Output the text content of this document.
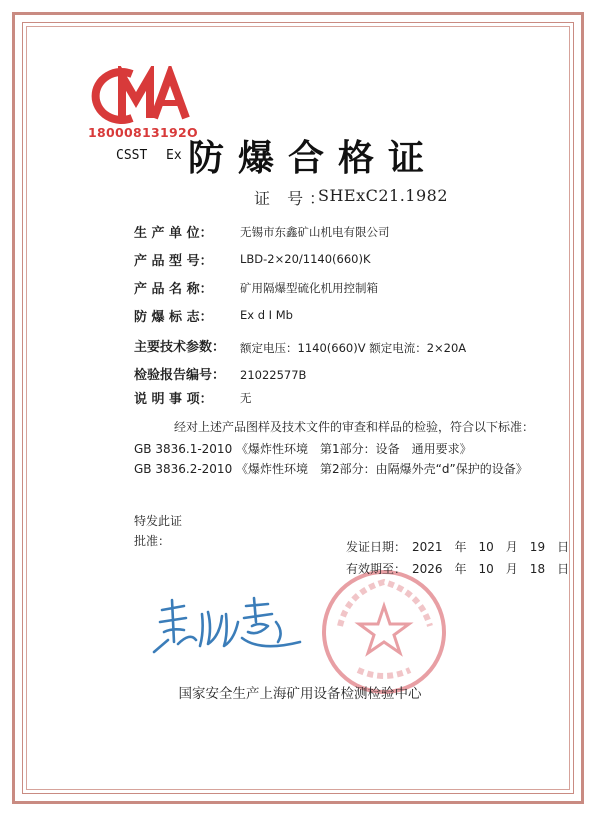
18000813192O
CSST Ex 防爆合格证
证 号：
SHExC21.1982
生 产 单 位： 无锡市东鑫矿山机电有限公司
产 品 型 号： LBD-2×20/1140(660)K
产 品 名 称： 矿用隔爆型硫化机用控制箱
防 爆 标 志： Ex d Ⅰ Mb
主要技术参数： 额定电压：1140(660)V 额定电流：2×20A
检验报告编号： 21022577B
说 明 事 项： 无
经对上述产品图样及技术文件的审查和样品的检验，符合以下标准：
GB 3836.1-2010 《爆炸性环境　第1部分：设备　通用要求》
GB 3836.2-2010 《爆炸性环境　第2部分：由隔爆外壳“d”保护的设备》
特发此证
批准：	发证日期：　2021　年　10　月　19　日
有效期至：　2026　年　10　月　18　日
国家安全生产上海矿用设备检测检验中心
